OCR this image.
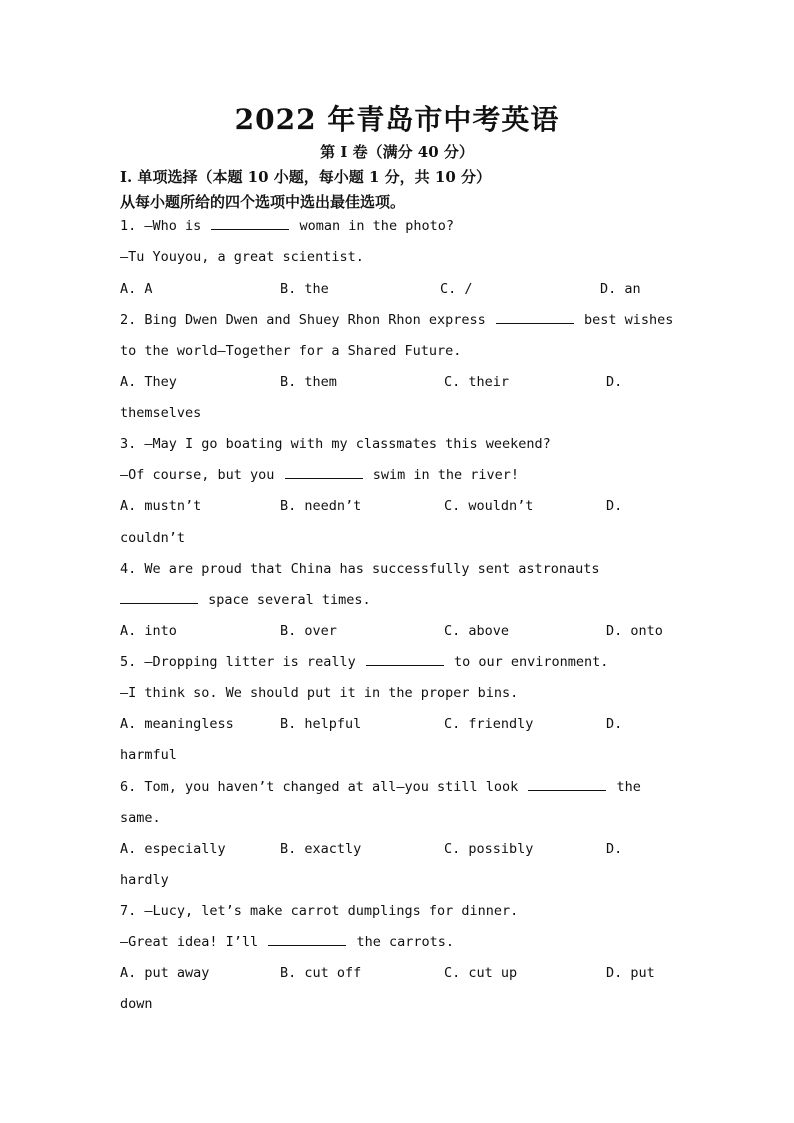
2022 年青岛市中考英语
第 I 卷（满分 40 分）
I. 单项选择（本题 10 小题，每小题 1 分，共 10 分）
从每小题所给的四个选项中选出最佳选项。
1. —Who is	woman in the photo?
—Tu Youyou, a great scientist.
A. A	B. the	C. /	D. an
2. Bing Dwen Dwen and Shuey Rhon Rhon express	best wishes
to the world—Together for a Shared Future.
A. They	B. them	C. their	D.
themselves
3. —May I go boating with my classmates this weekend?
—Of course, but you	swim in the river!
A. mustn’t	B. needn’t	C. wouldn’t	D.
couldn’t
4. We are proud that China has successfully sent astronauts
space several times.
A. into	B. over	C. above	D. onto
5. —Dropping litter is really	to our environment.
—I think so. We should put it in the proper bins.
A. meaningless	B. helpful	C. friendly	D.
harmful
6. Tom, you haven’t changed at all—you still look	the
same.
A. especially	B. exactly	C. possibly	D.
hardly
7. —Lucy, let’s make carrot dumplings for dinner.
—Great idea! I’ll	the carrots.
A. put away	B. cut off	C. cut up	D. put
down
